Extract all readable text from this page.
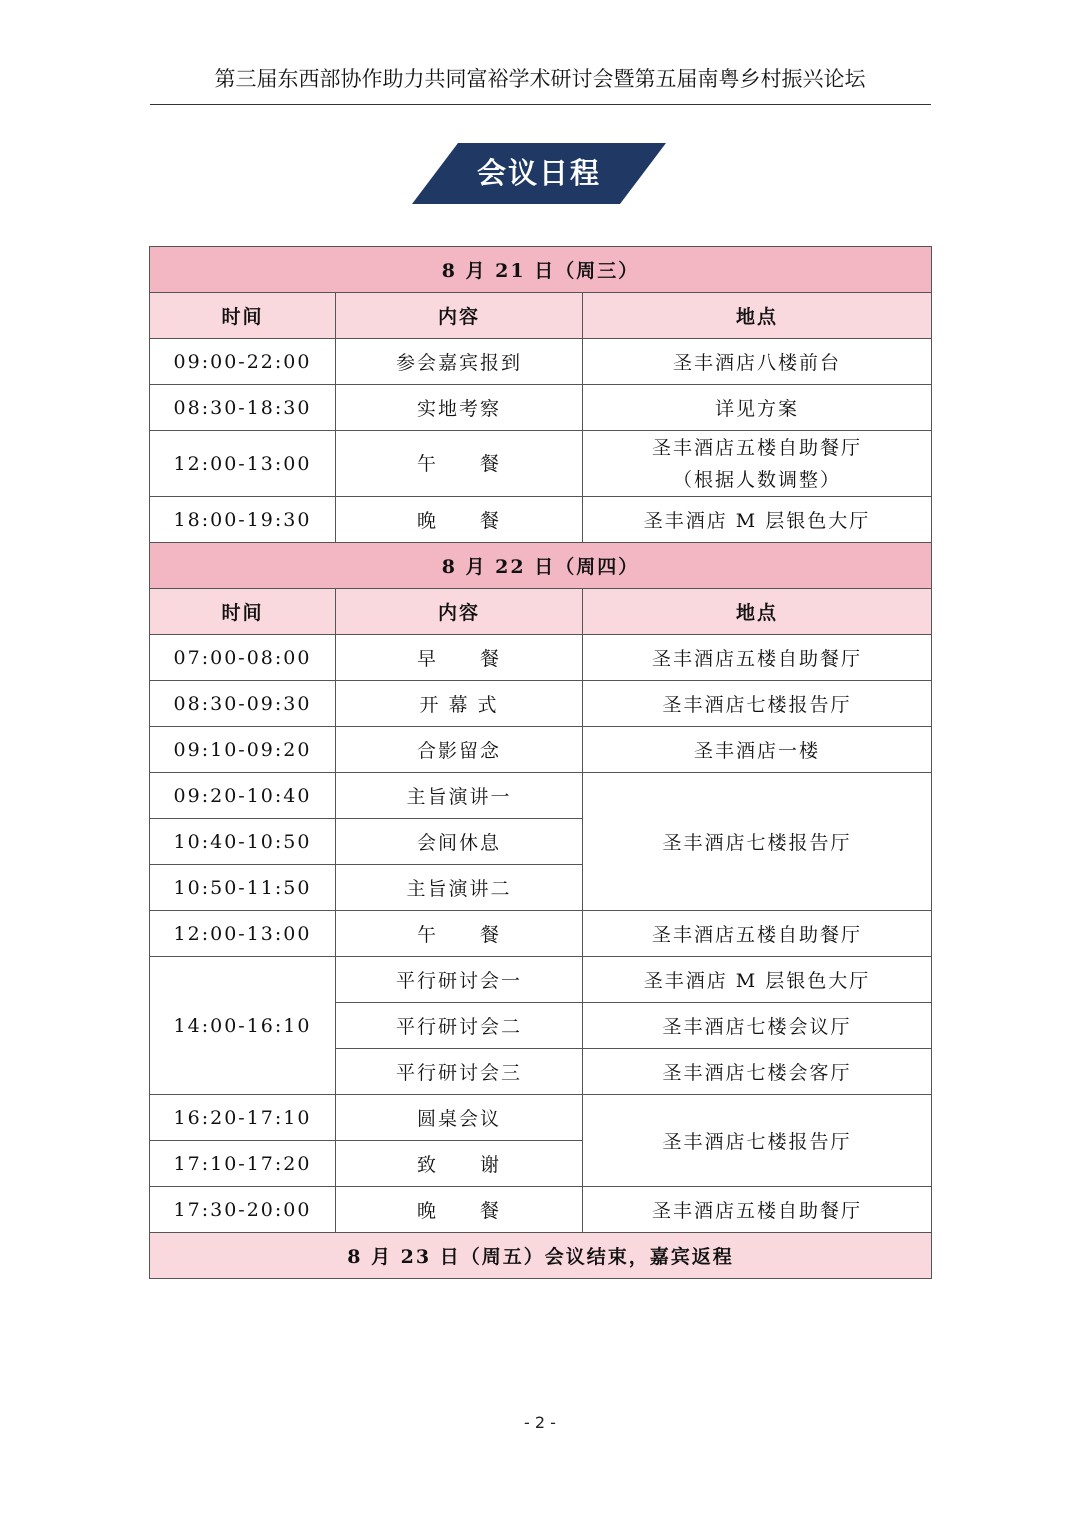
第三届东西部协作助力共同富裕学术研讨会暨第五届南粤乡村振兴论坛
会议日程
8 月 21 日（周三）		
时间	内容	地点
09:00-22:00	参会嘉宾报到	圣丰酒店八楼前台
08:30-18:30	实地考察	详见方案
12:00-13:00	午　　餐	圣丰酒店五楼自助餐厅
（根据人数调整）

18:00-19:30	晚　　餐	圣丰酒店 M 层银色大厅
8 月 22 日（周四）		
时间	内容	地点
07:00-08:00	早　　餐	圣丰酒店五楼自助餐厅
08:30-09:30	开 幕 式	圣丰酒店七楼报告厅
09:10-09:20	合影留念	圣丰酒店一楼
09:20-10:40	主旨演讲一	圣丰酒店七楼报告厅
10:40-10:50	会间休息	
10:50-11:50	主旨演讲二	
12:00-13:00	午　　餐	圣丰酒店五楼自助餐厅
14:00-16:10	平行研讨会一	圣丰酒店 M 层银色大厅
	平行研讨会二	圣丰酒店七楼会议厅
	平行研讨会三	圣丰酒店七楼会客厅
16:20-17:10	圆桌会议	圣丰酒店七楼报告厅
17:10-17:20	致　　谢	
17:30-20:00	晚　　餐	圣丰酒店五楼自助餐厅
8 月 23 日（周五）会议结束，嘉宾返程		
- 2 -
